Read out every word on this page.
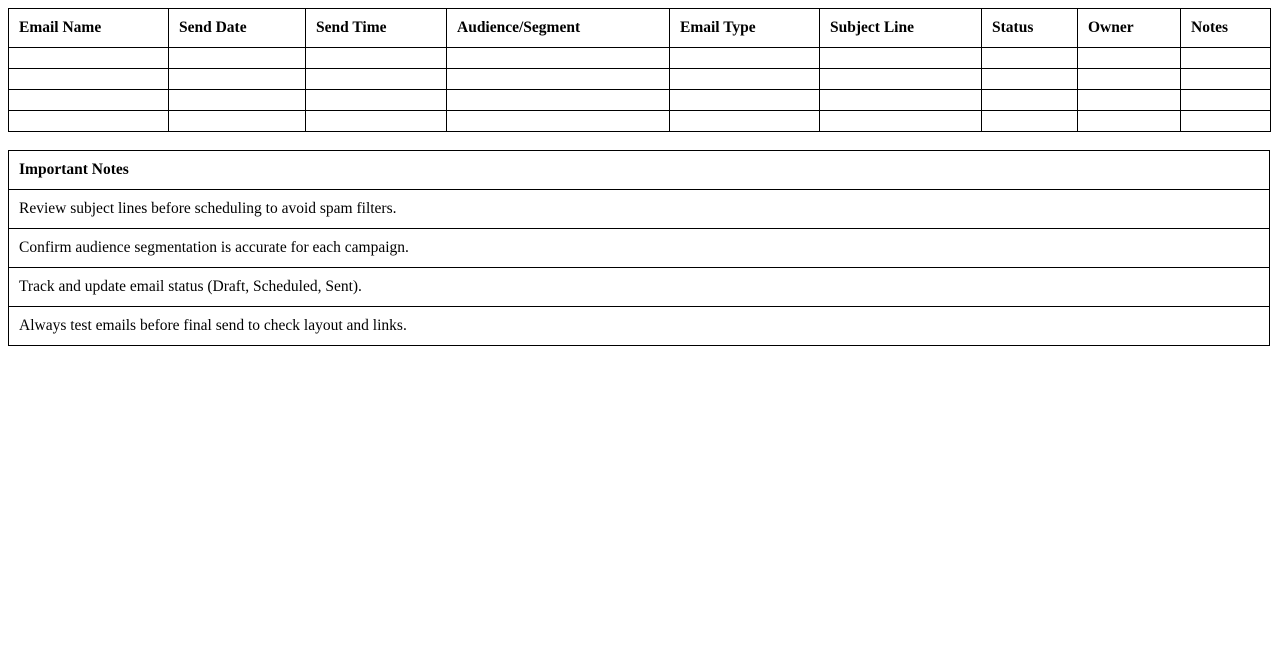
Email Name	Send Date	Send Time	Audience/Segment	Email Type	Subject Line	Status	Owner	Notes

Important Notes
Review subject lines before scheduling to avoid spam filters.
Confirm audience segmentation is accurate for each campaign.
Track and update email status (Draft, Scheduled, Sent).
Always test emails before final send to check layout and links.
